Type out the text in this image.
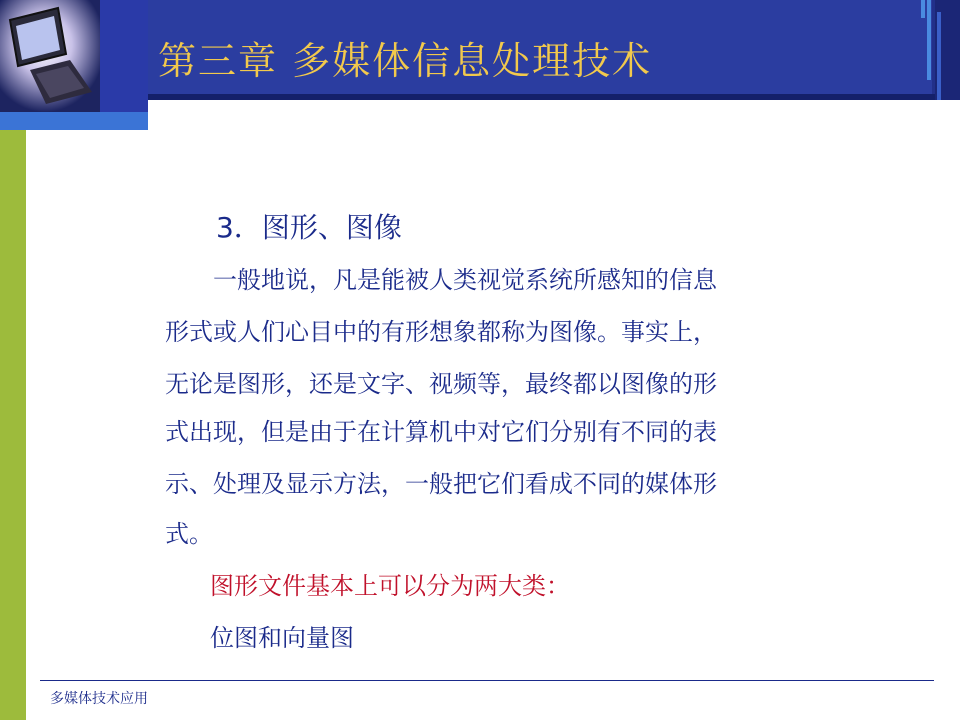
第三章 多媒体信息处理技术
3．图形、图像
一般地说，凡是能被人类视觉系统所感知的信息
形式或人们心目中的有形想象都称为图像。事实上，
无论是图形，还是文字、视频等，最终都以图像的形
式出现，但是由于在计算机中对它们分别有不同的表
示、处理及显示方法，一般把它们看成不同的媒体形
式。
图形文件基本上可以分为两大类：
位图和向量图
多媒体技术应用
